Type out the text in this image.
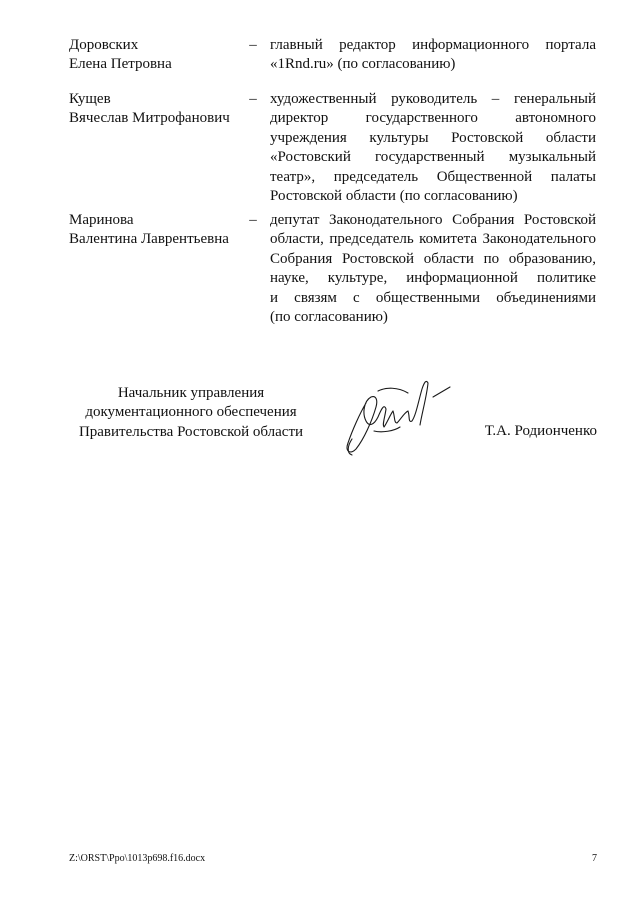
Доровских
Елена Петровна
– главный редактор информационного портала
«1Rnd.ru» (по согласованию)
Кущев
Вячеслав Митрофанович
– художественный руководитель – генеральный
директор государственного автономного
учреждения культуры Ростовской области
«Ростовский государственный музыкальный
театр», председатель Общественной палаты
Ростовской области (по согласованию)
Маринова
Валентина Лаврентьевна
– депутат Законодательного Собрания Ростовской
области, председатель комитета Законодательного
Собрания Ростовской области по образованию,
науке, культуре, информационной политике
и связям с общественными объединениями
(по согласованию)
Начальник управления
документационного обеспечения
Правительства Ростовской области	Т.А. Родионченко
Z:\ORST\Ppo\1013p698.f16.docx	7
